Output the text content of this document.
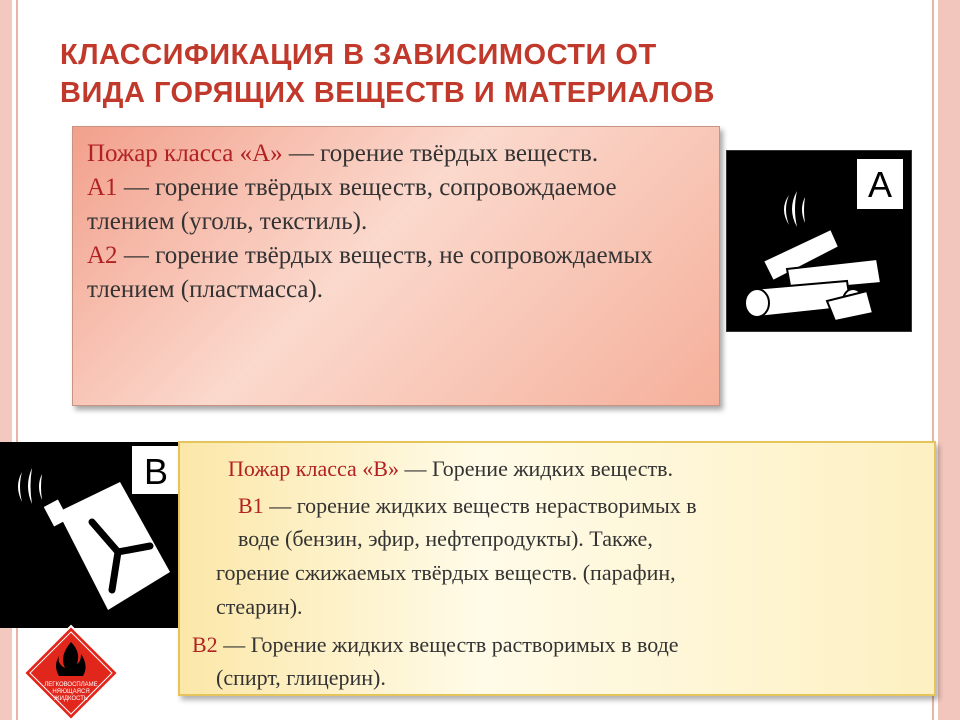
КЛАССИФИКАЦИЯ В ЗАВИСИМОСТИ ОТ
ВИДА ГОРЯЩИХ ВЕЩЕСТВ И МАТЕРИАЛОВ

Пожар класса «А» — горение твёрдых веществ.

А1 — горение твёрдых веществ, сопровождаемое тлением (уголь, текстиль).

А2 — горение твёрдых веществ, не сопровождаемых тлением (пластмасса).

A
B
ЛЕГКОВОСПЛАМЕ
НЯЮЩАЯСЯ
ЖИДКОСТЬ

Пожар класса «В» — Горение жидких веществ.

В1 — горение жидких веществ нерастворимых в

воде (бензин, эфир, нефтепродукты). Также,

горение сжижаемых твёрдых веществ. (парафин,

стеарин).

В2 — Горение жидких веществ растворимых в воде

(спирт, глицерин).
